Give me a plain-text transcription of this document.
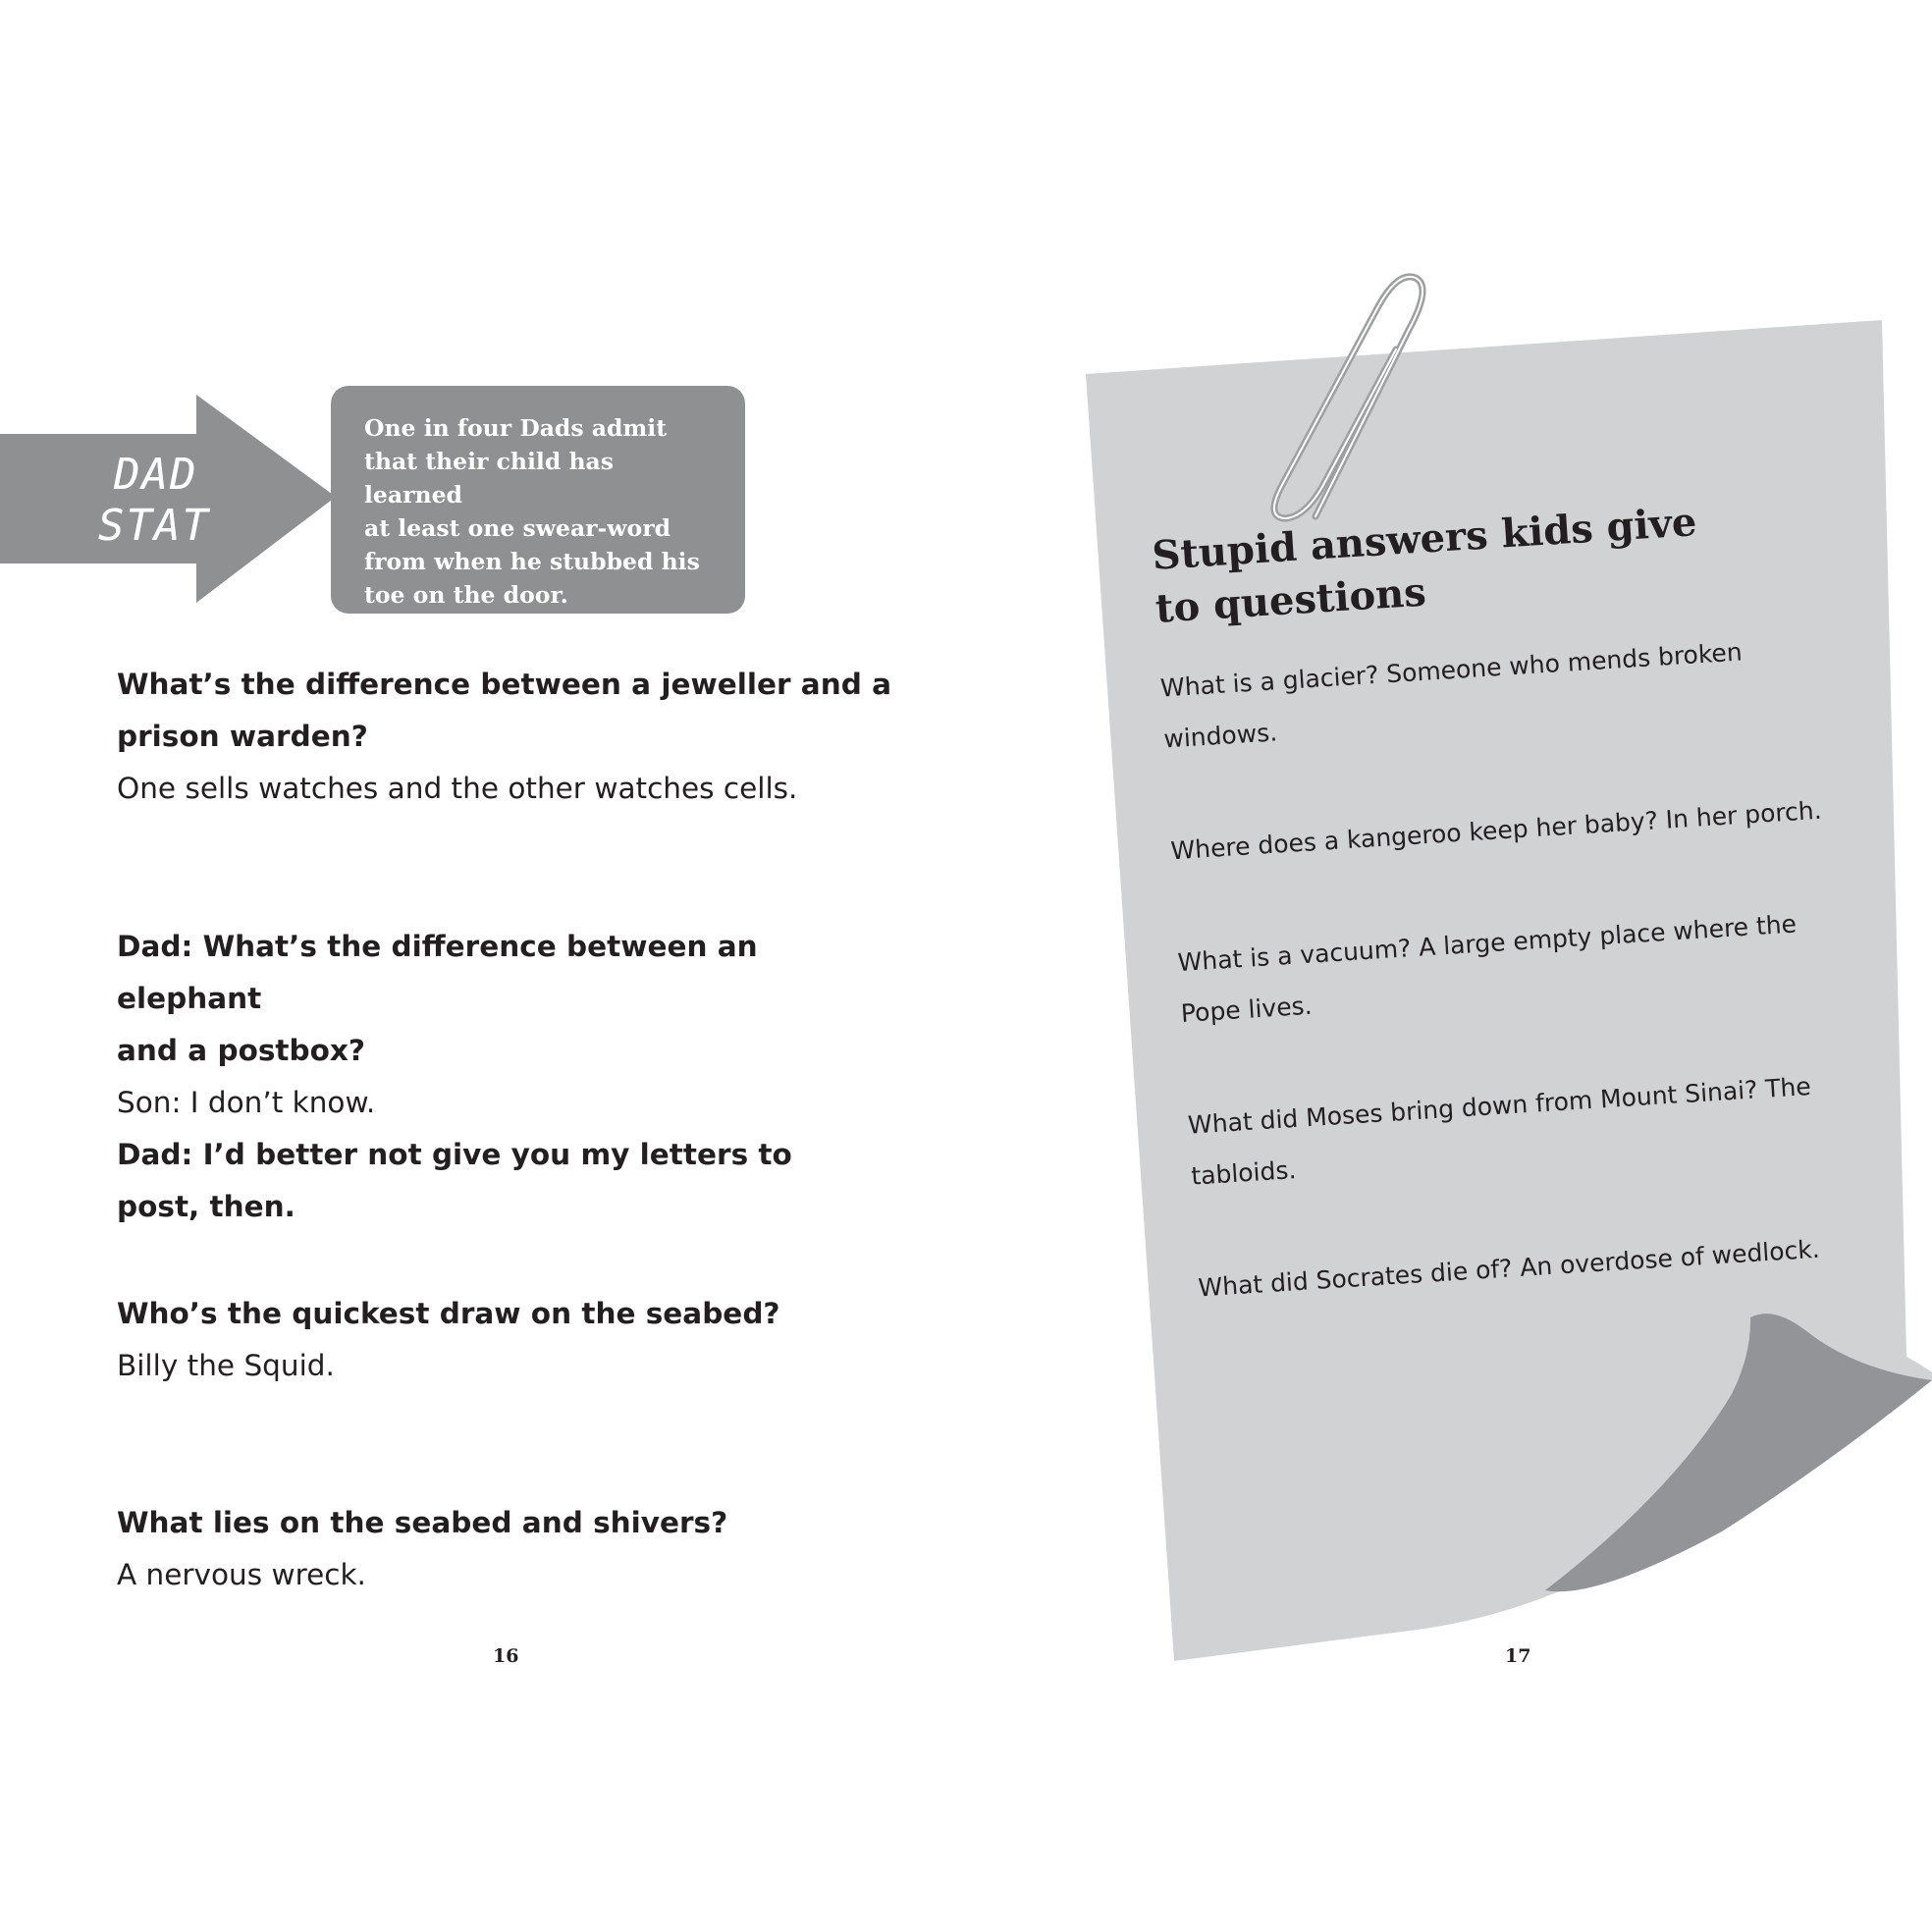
DAD
STAT

One in four Dads admit

that their child has learned

at least one swear-word

from when he stubbed his

toe on the door.

What’s the difference between a jeweller and a

prison warden?

One sells watches and the other watches cells.

Dad: What’s the difference between an elephant

and a postbox?

Son: I don’t know.

Dad: I’d better not give you my letters to

post, then.

Who’s the quickest draw on the seabed?

Billy the Squid.

What lies on the seabed and shivers?

A nervous wreck.

16	17

Stupid answers kids give
to questions

What is a glacier? Someone who mends broken

windows.

Where does a kangeroo keep her baby? In her porch.

What is a vacuum? A large empty place where the

Pope lives.

What did Moses bring down from Mount Sinai? The

tabloids.

What did Socrates die of? An overdose of wedlock.
